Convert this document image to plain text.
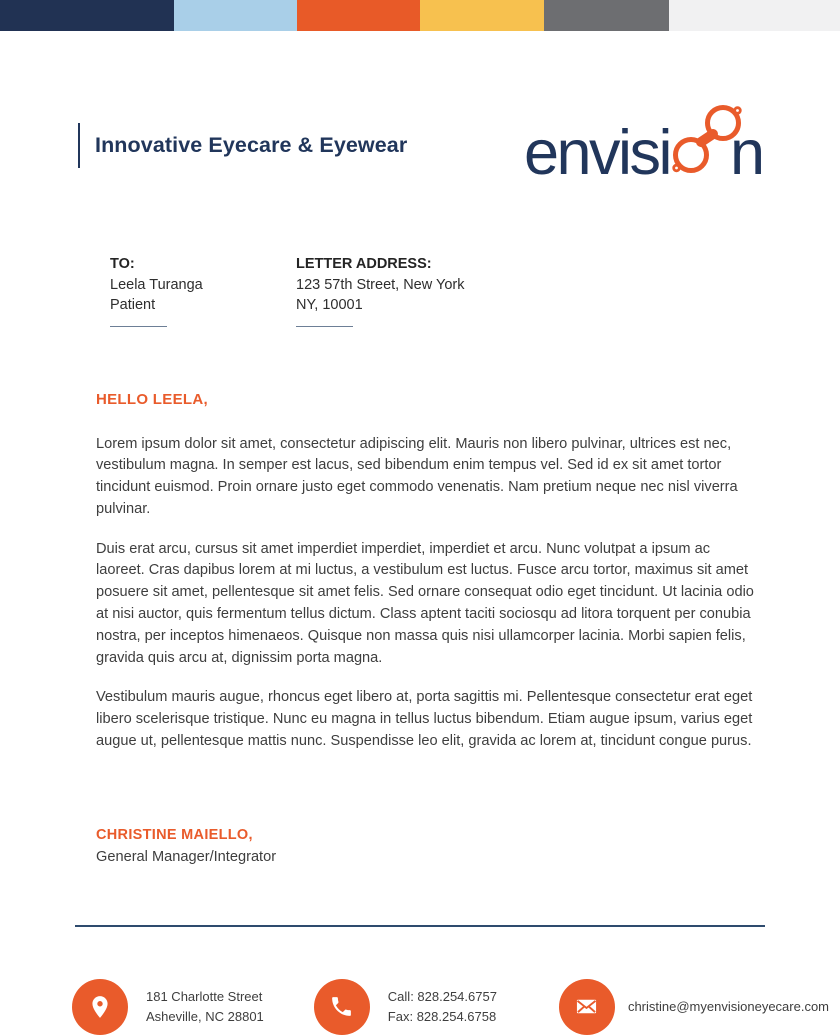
Innovative Eyecare & Eyewear envisi n
TO:
Leela Turanga
Patient
LETTER ADDRESS:
123 57th Street, New York
NY, 10001
HELLO LEELA,

Lorem ipsum dolor sit amet, consectetur adipiscing elit. Mauris non libero pulvinar, ultrices est nec, vestibulum magna. In semper est lacus, sed bibendum enim tempus vel. Sed id ex sit amet tortor tincidunt euismod. Proin ornare justo eget commodo venenatis. Nam pretium neque nec nisl viverra pulvinar.

Duis erat arcu, cursus sit amet imperdiet imperdiet, imperdiet et arcu. Nunc volutpat a ipsum ac laoreet. Cras dapibus lorem at mi luctus, a vestibulum est luctus. Fusce arcu tortor, maximus sit amet posuere sit amet, pellentesque sit amet felis. Sed ornare consequat odio eget tincidunt. Ut lacinia odio at nisi auctor, quis fermentum tellus dictum. Class aptent taciti sociosqu ad litora torquent per conubia nostra, per inceptos himenaeos. Quisque non massa quis nisi ullamcorper lacinia. Morbi sapien felis, gravida quis arcu at, dignissim porta magna.

Vestibulum mauris augue, rhoncus eget libero at, porta sagittis mi. Pellentesque consectetur erat eget libero scelerisque tristique. Nunc eu magna in tellus luctus bibendum. Etiam augue ipsum, varius eget augue ut, pellentesque mattis nunc. Suspendisse leo elit, gravida ac lorem at, tincidunt congue purus.

CHRISTINE MAIELLO,
General Manager/Integrator
181 Charlotte Street
Asheville, NC 28801
Call: 828.254.6757
Fax: 828.254.6758
christine@myenvisioneyecare.com
